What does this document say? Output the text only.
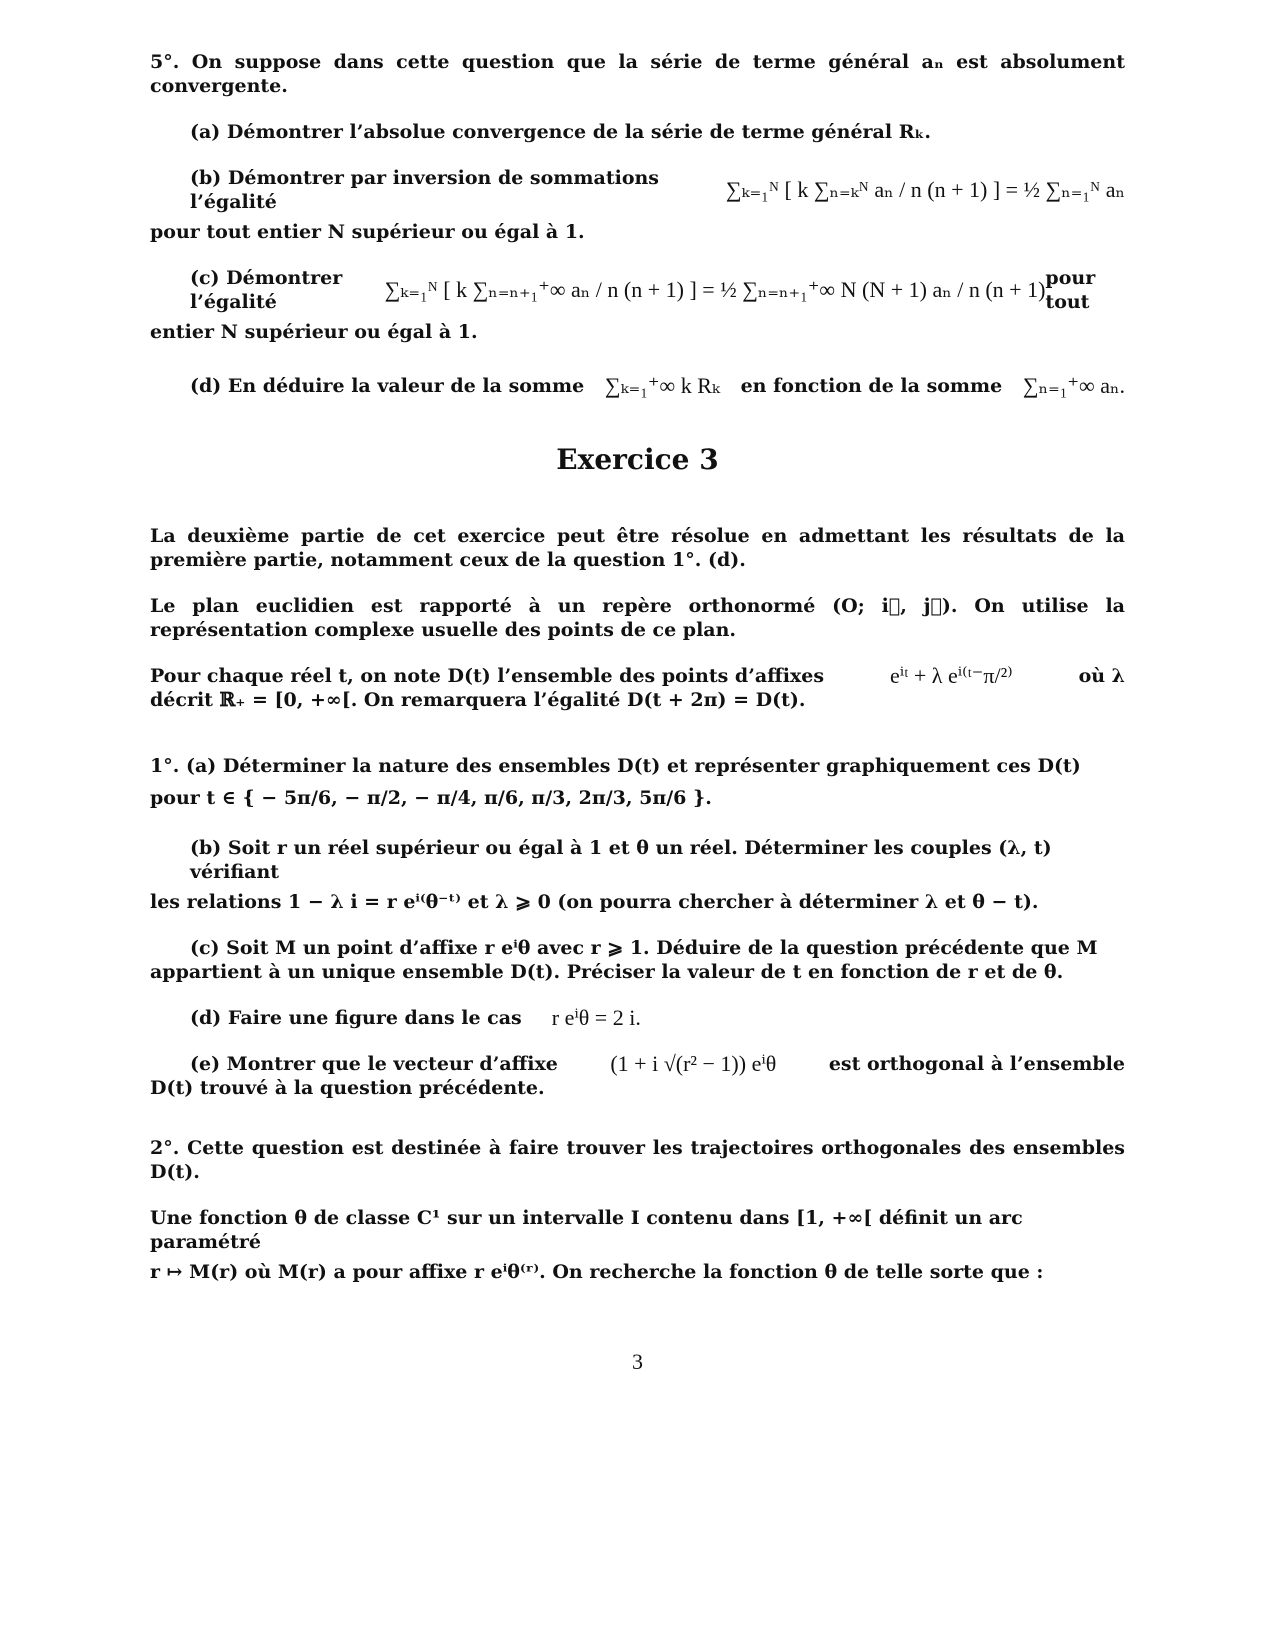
5°. On suppose dans cette question que la série de terme général aₙ est absolument convergente.
(a) Démontrer l’absolue convergence de la série de terme général Rₖ.
(b) Démontrer par inversion de sommations l’égalité	∑ₖ₌₁ᴺ [ k ∑ₙ₌ₖᴺ aₙ / n (n + 1) ] = ½ ∑ₙ₌₁ᴺ aₙ
pour tout entier N supérieur ou égal à 1.
(c) Démontrer l’égalité	∑ₖ₌₁ᴺ [ k ∑ₙ₌ₙ₊₁⁺∞ aₙ / n (n + 1) ] = ½ ∑ₙ₌ₙ₊₁⁺∞ N (N + 1) aₙ / n (n + 1) pour tout
entier N supérieur ou égal à 1.
(d) En déduire la valeur de la somme ∑ₖ₌₁⁺∞ k Rₖ en fonction de la somme ∑ₙ₌₁⁺∞ aₙ.
Exercice 3
La deuxième partie de cet exercice peut être résolue en admettant les résultats de la première partie, notamment ceux de la question 1°. (d).
Le plan euclidien est rapporté à un repère orthonormé (O; i⃗, j⃗). On utilise la représentation complexe usuelle des points de ce plan.
Pour chaque réel t, on note D(t) l’ensemble des points d’affixes	eⁱᵗ + λ eⁱ⁽ᵗ⁻π/²⁾	où λ
décrit ℝ₊ = [0, +∞[. On remarquera l’égalité D(t + 2π) = D(t).
1°. (a) Déterminer la nature des ensembles D(t) et représenter graphiquement ces D(t)
pour t ∈ { − 5π/6, − π/2, − π/4, π/6, π/3, 2π/3, 5π/6 }.
(b) Soit r un réel supérieur ou égal à 1 et θ un réel. Déterminer les couples (λ, t) vérifiant
les relations 1 − λ i = r eⁱ⁽θ⁻ᵗ⁾ et λ ⩾ 0 (on pourra chercher à déterminer λ et θ − t).
(c) Soit M un point d’affixe r eⁱθ avec r ⩾ 1. Déduire de la question précédente que M
appartient à un unique ensemble D(t). Préciser la valeur de t en fonction de r et de θ.
(d) Faire une figure dans le cas r eⁱθ = 2 i.
(e) Montrer que le vecteur d’affixe (1 + i √(r² − 1)) eⁱθ	est orthogonal à l’ensemble
D(t) trouvé à la question précédente.
2°. Cette question est destinée à faire trouver les trajectoires orthogonales des ensembles D(t).
Une fonction θ de classe C¹ sur un intervalle I contenu dans [1, +∞[ définit un arc paramétré
r ↦ M(r) où M(r) a pour affixe r eⁱθ⁽ʳ⁾. On recherche la fonction θ de telle sorte que :
3
